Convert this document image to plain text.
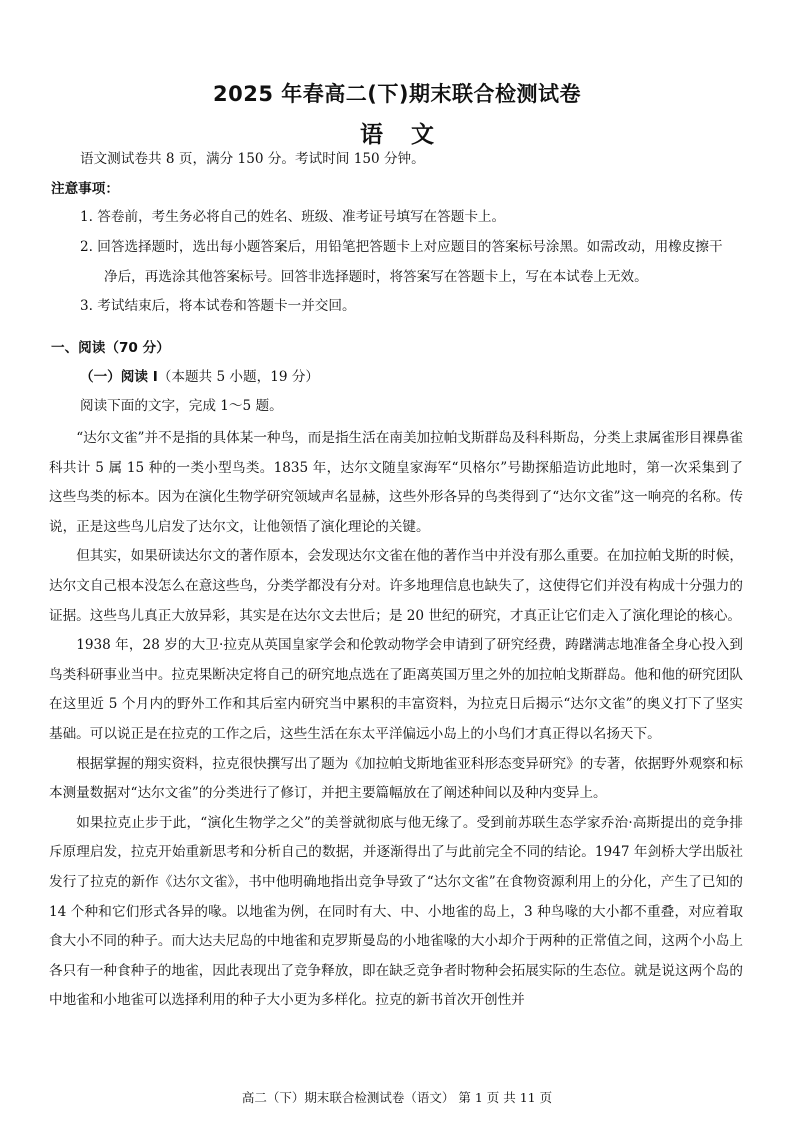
2025 年春高二(下)期末联合检测试卷
语 文
语文测试卷共 8 页，满分 150 分。考试时间 150 分钟。
注意事项：
1. 答卷前，考生务必将自己的姓名、班级、准考证号填写在答题卡上。
2. 回答选择题时，选出每小题答案后，用铅笔把答题卡上对应题目的答案标号涂黑。如需改动，用橡皮擦干
净后，再选涂其他答案标号。回答非选择题时，将答案写在答题卡上，写在本试卷上无效。
3. 考试结束后，将本试卷和答题卡一并交回。
一、阅读（70 分）
（一）阅读 I（本题共 5 小题，19 分）
阅读下面的文字，完成 1～5 题。

“达尔文雀”并不是指的具体某一种鸟，而是指生活在南美加拉帕戈斯群岛及科科斯岛，分类上隶属雀形目裸鼻雀科共计 5 属 15 种的一类小型鸟类。1835 年，达尔文随皇家海军“贝格尔”号勘探船造访此地时，第一次采集到了这些鸟类的标本。因为在演化生物学研究领域声名显赫，这些外形各异的鸟类得到了“达尔文雀”这一响亮的名称。传说，正是这些鸟儿启发了达尔文，让他领悟了演化理论的关键。

但其实，如果研读达尔文的著作原本，会发现达尔文雀在他的著作当中并没有那么重要。在加拉帕戈斯的时候，达尔文自己根本没怎么在意这些鸟，分类学都没有分对。许多地理信息也缺失了，这使得它们并没有构成十分强力的证据。这些鸟儿真正大放异彩，其实是在达尔文去世后；是 20 世纪的研究，才真正让它们走入了演化理论的核心。

1938 年，28 岁的大卫·拉克从英国皇家学会和伦敦动物学会申请到了研究经费，踌躇满志地准备全身心投入到鸟类科研事业当中。拉克果断决定将自己的研究地点选在了距离英国万里之外的加拉帕戈斯群岛。他和他的研究团队在这里近 5 个月内的野外工作和其后室内研究当中累积的丰富资料，为拉克日后揭示“达尔文雀”的奥义打下了坚实基础。可以说正是在拉克的工作之后，这些生活在东太平洋偏远小岛上的小鸟们才真正得以名扬天下。

根据掌握的翔实资料，拉克很快撰写出了题为《加拉帕戈斯地雀亚科形态变异研究》的专著，依据野外观察和标本测量数据对“达尔文雀”的分类进行了修订，并把主要篇幅放在了阐述种间以及种内变异上。

如果拉克止步于此，“演化生物学之父”的美誉就彻底与他无缘了。受到前苏联生态学家乔治·高斯提出的竞争排斥原理启发，拉克开始重新思考和分析自己的数据，并逐渐得出了与此前完全不同的结论。1947 年剑桥大学出版社发行了拉克的新作《达尔文雀》，书中他明确地指出竞争导致了“达尔文雀”在食物资源利用上的分化，产生了已知的 14 个种和它们形式各异的喙。以地雀为例，在同时有大、中、小地雀的岛上，3 种鸟喙的大小都不重叠，对应着取食大小不同的种子。而大达夫尼岛的中地雀和克罗斯曼岛的小地雀喙的大小却介于两种的正常值之间，这两个小岛上各只有一种食种子的地雀，因此表现出了竞争释放，即在缺乏竞争者时物种会拓展实际的生态位。就是说这两个岛的中地雀和小地雀可以选择利用的种子大小更为多样化。拉克的新书首次开创性并

高二（下）期末联合检测试卷（语文） 第 1 页 共 11 页
